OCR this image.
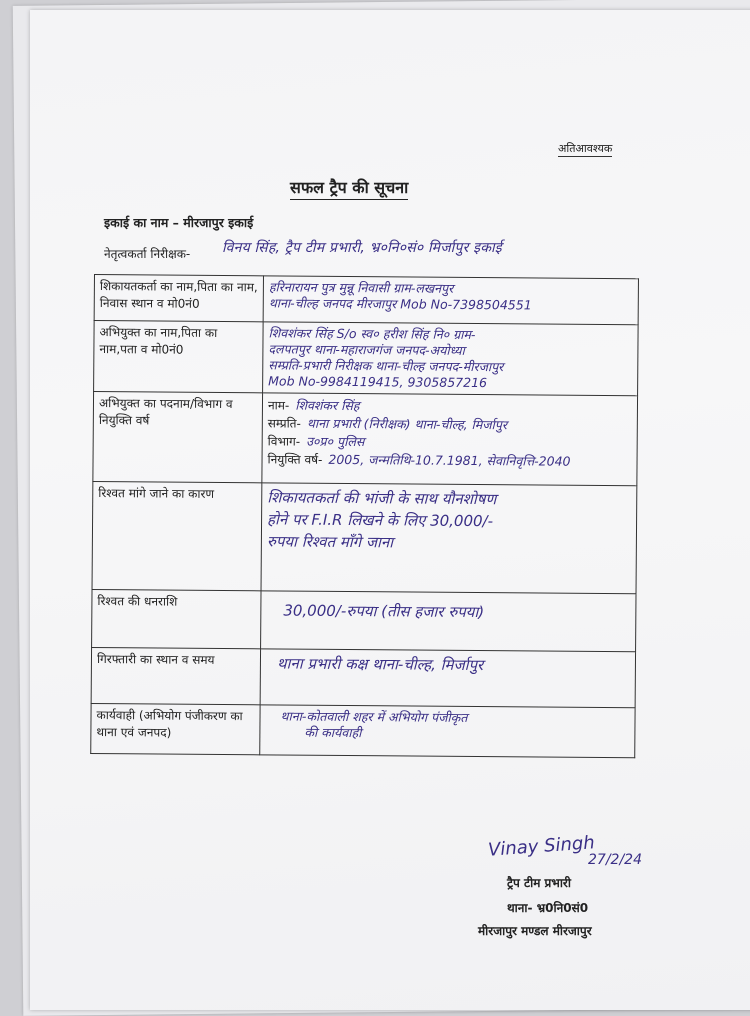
अतिआवश्यक
सफल ट्रैप की सूचना
इकाई का नाम – मीरजापुर इकाई
नेतृत्वकर्ता निरीक्षक- विनय सिंह, ट्रैप टीम प्रभारी, भ्र०नि०सं० मिर्जापुर इकाई
शिकायतकर्ता का नाम,पिता का नाम, निवास स्थान व मो0नं0	हरिनारायन पुत्र मुन्नू निवासी ग्राम-लखनपुर
थाना-चील्ह जनपद मीरजापुर Mob No-7398504551

अभियुक्त का नाम,पिता का नाम,पता व मो0नं0	शिवशंकर सिंह S/o स्व० हरीश सिंह नि० ग्राम-
दलपतपुर थाना-महाराजगंज जनपद-अयोध्या
सम्प्रति-प्रभारी निरीक्षक थाना-चील्ह जनपद-मीरजापुर
Mob No-9984119415, 9305857216

अभियुक्त का पदनाम/विभाग व नियुक्ति वर्ष	नाम- शिवशंकर सिंह
सम्प्रति- थाना प्रभारी (निरीक्षक) थाना-चील्ह, मिर्जापुर
विभाग- उ०प्र० पुलिस
नियुक्ति वर्ष- 2005, जन्मतिथि-10.7.1981, सेवानिवृत्ति-2040

रिश्वत मांगे जाने का कारण	शिकायतकर्ता की भांजी के साथ यौनशोषण
होने पर F.I.R लिखने के लिए 30,000/-
रुपया रिश्वत मॉंगे जाना

रिश्वत की धनराशि	30,000/-रुपया (तीस हजार रुपया)

गिरफ्तारी का स्थान व समय	थाना प्रभारी कक्ष थाना-चील्ह, मिर्जापुर

कार्यवाही (अभियोग पंजीकरण का थाना एवं जनपद)	थाना-कोतवाली शहर में अभियोग पंजीकृत
की कार्यवाही
Vinay Singh
27/2/24
ट्रैप टीम प्रभारी
थाना- भ्र0नि0सं0
मीरजापुर मण्डल मीरजापुर
